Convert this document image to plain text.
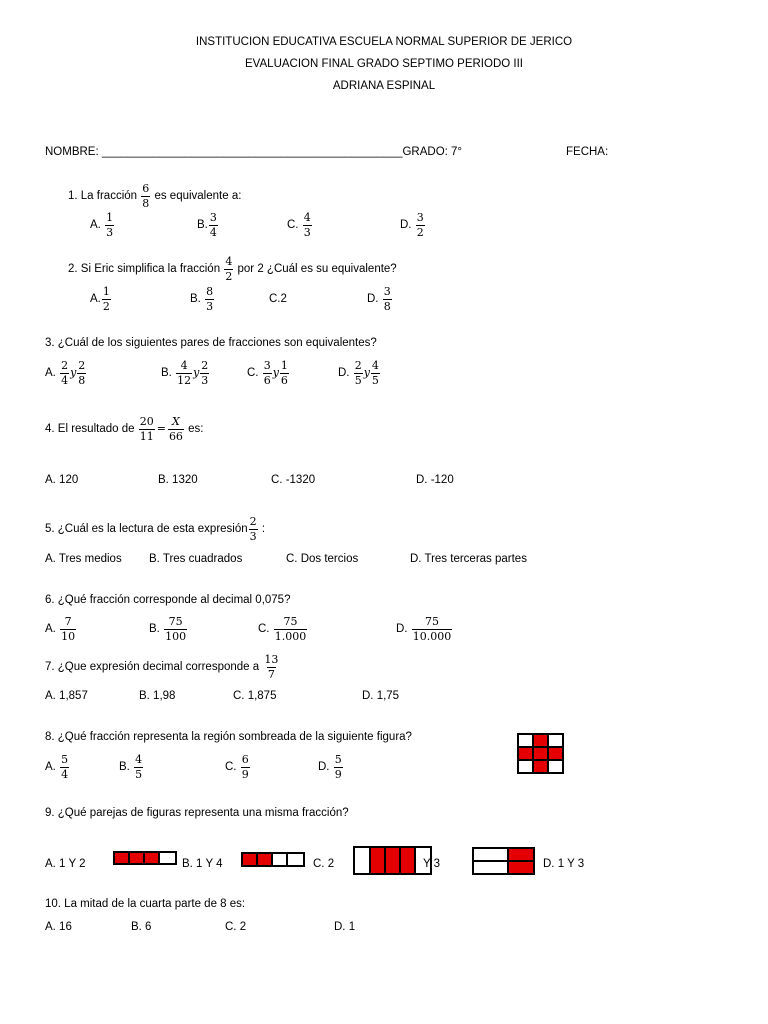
INSTITUCION EDUCATIVA ESCUELA NORMAL SUPERIOR DE JERICO
EVALUACION FINAL GRADO SEPTIMO PERIODO III
ADRIANA ESPINAL
NOMBRE: _______________________________________________GRADO: 7°	FECHA:
1. La fracción $\frac{6}{8}$ es equivalente a:
A. $\frac{1}{3}$	B. $\frac{3}{4}$	C. $\frac{4}{3}$	D. $\frac{3}{2}$
2. Si Eric simplifica la fracción $\frac{4}{2}$ por 2 ¿Cuál es su equivalente?
A. $\frac{1}{2}$	B. $\frac{8}{3}$	C.2	D. $\frac{3}{8}$
3. ¿Cuál de los siguientes pares de fracciones son equivalentes?
A. $\frac{2}{4}$ y $\frac{2}{8}$	B. $\frac{4}{12}$ y $\frac{2}{3}$	C. $\frac{3}{6}$ y $\frac{1}{6}$	D. $\frac{2}{5}$ y $\frac{4}{5}$
4. El resultado de $\frac{20}{11} = \frac{X}{66}$ es:
A. 120	B. 1320	C. -1320	D. -120
5. ¿Cuál es la lectura de esta expresión $\frac{2}{3}$ :
A. Tres medios B. Tres cuadrados	C. Dos tercios	D. Tres terceras partes
6. ¿Qué fracción corresponde al decimal 0,075?
A. $\frac{7}{10}$	B. $\frac{75}{100}$	C. $\frac{75}{1.000}$	D. $\frac{75}{10.000}$
7. ¿Que expresión decimal corresponde a $\frac{13}{7}$
A. 1,857	B. 1,98	C. 1,875	D. 1,75
8. ¿Qué fracción representa la región sombreada de la siguiente figura?
A. $\frac{5}{4}$	B. $\frac{4}{5}$	C. $\frac{6}{9}$	D. $\frac{5}{9}$
9. ¿Qué parejas de figuras representa una misma fracción?
A. 1 Y 2	B. 1 Y 4	C. 2	Y 3	D. 1 Y 3
10. La mitad de la cuarta parte de 8 es:
A. 16	B. 6	C. 2	D. 1
